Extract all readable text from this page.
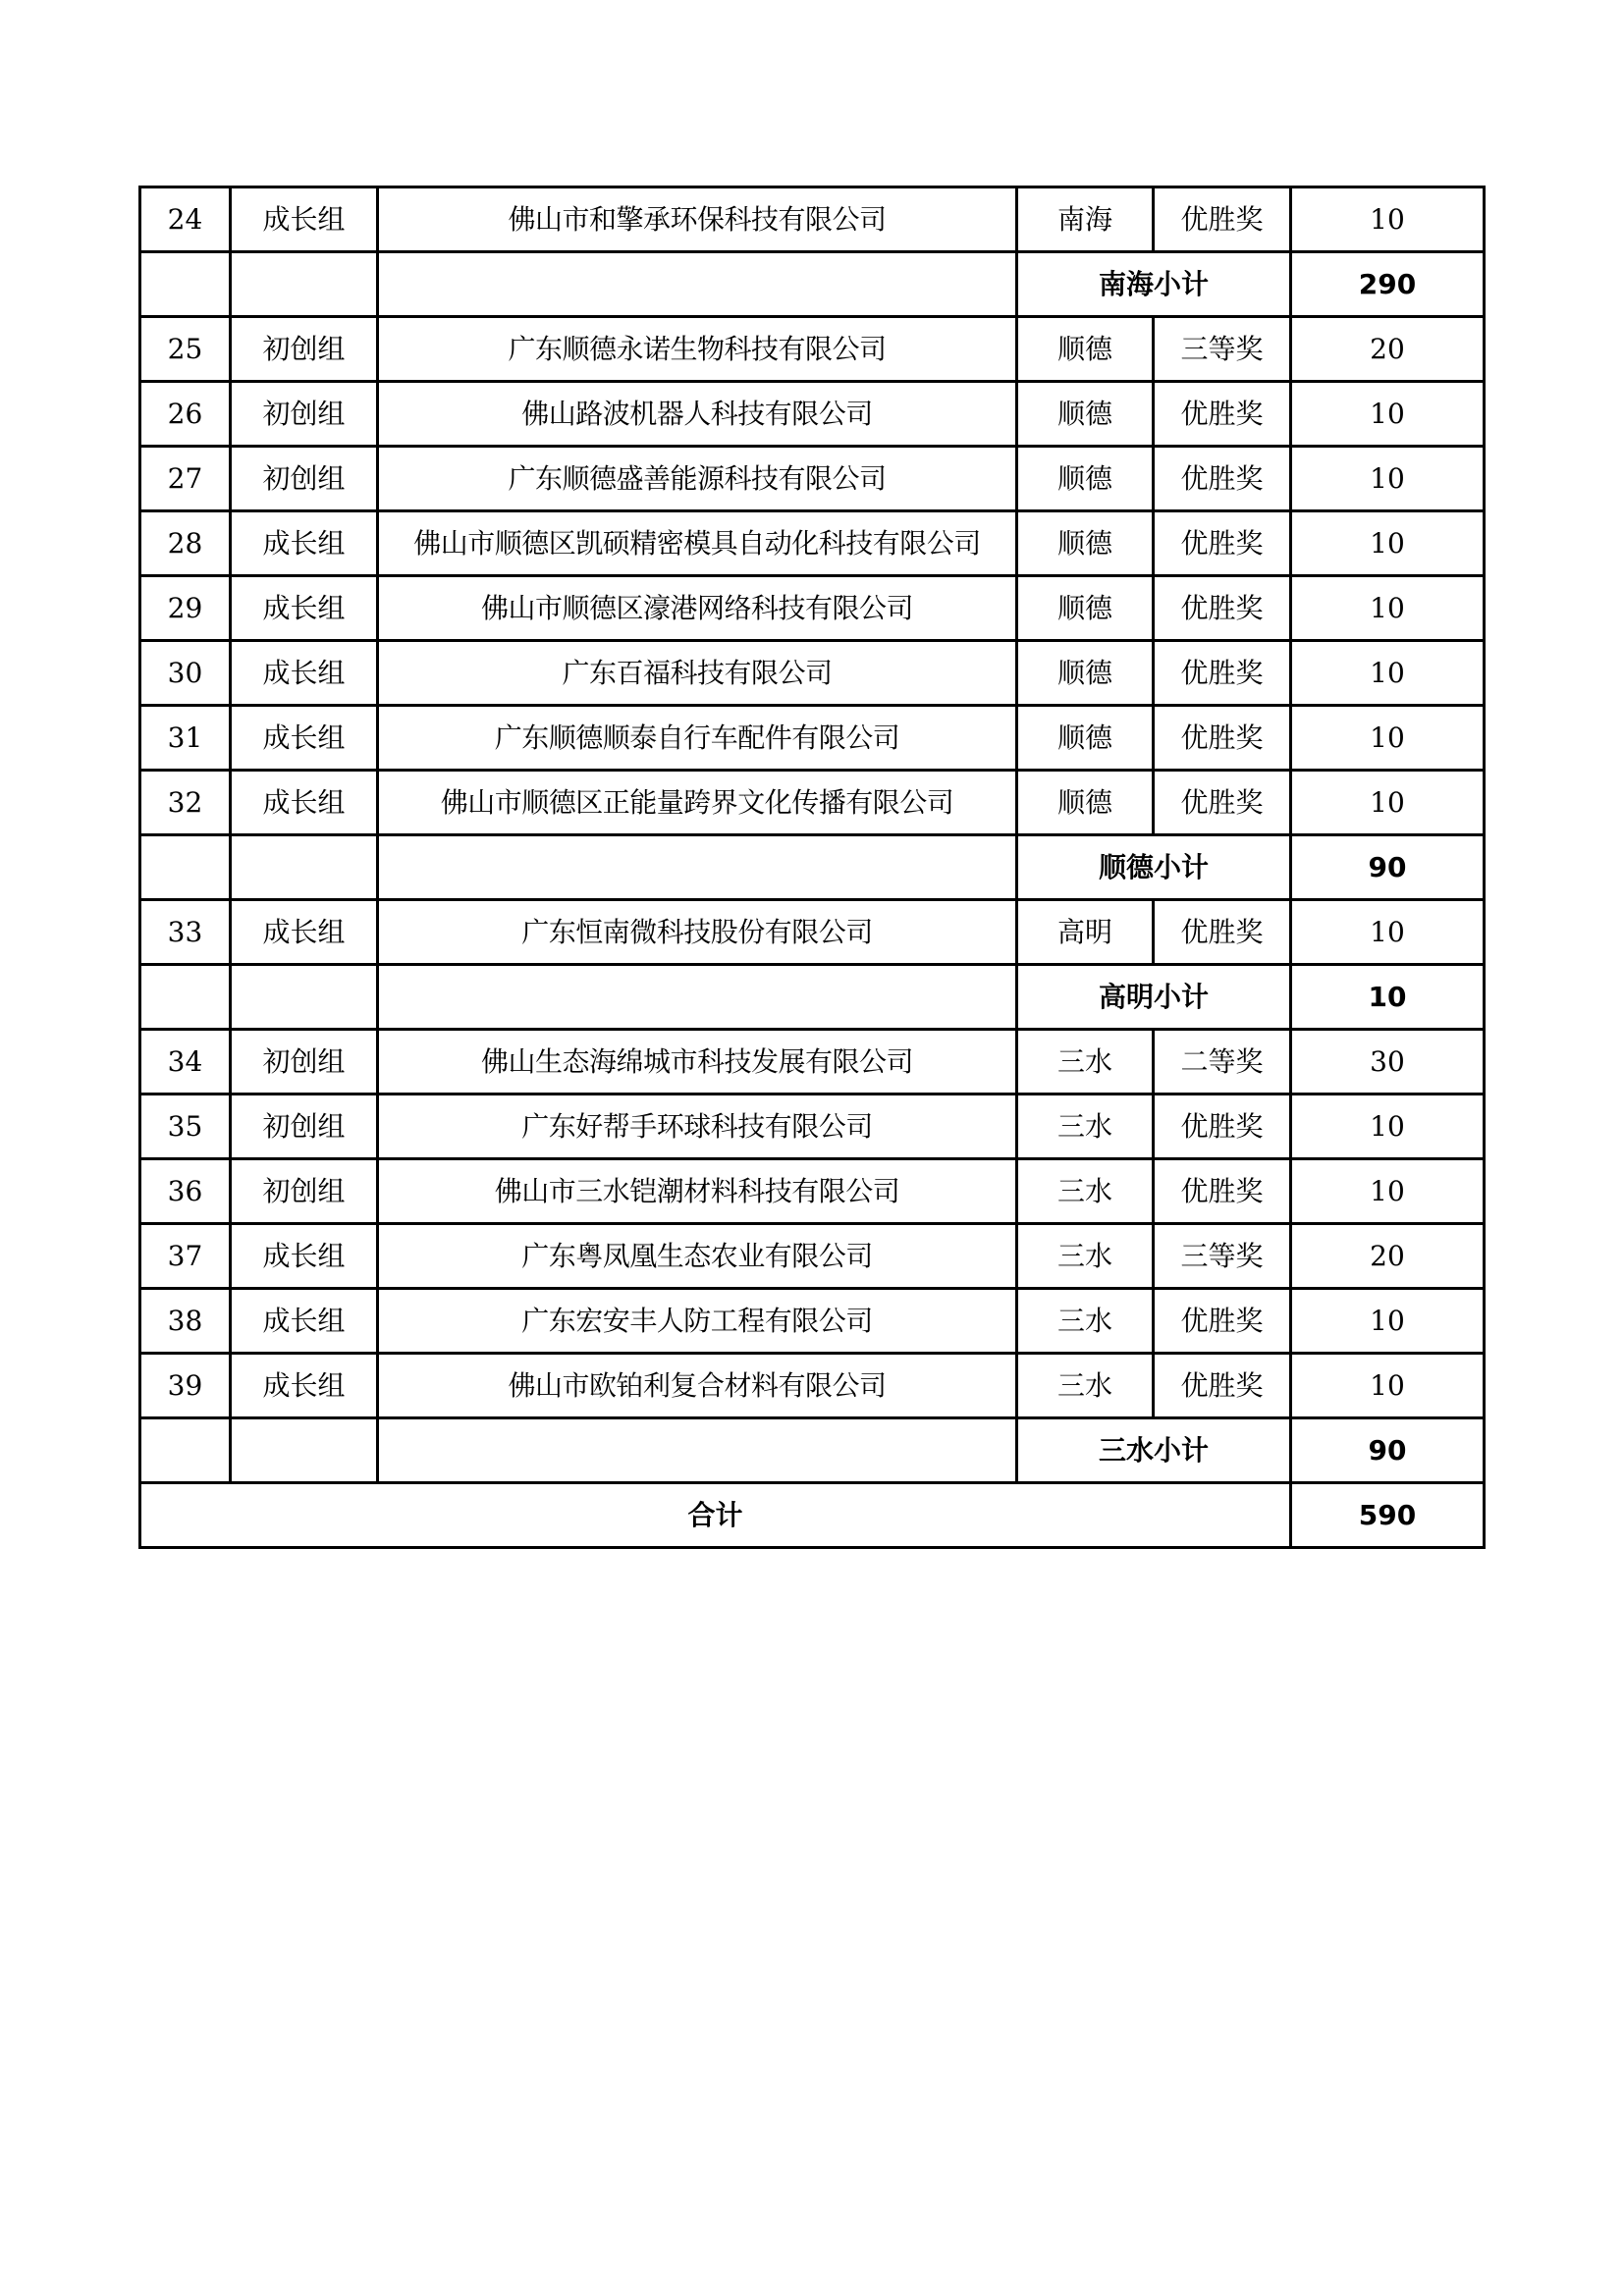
24	成长组	佛山市和擎承环保科技有限公司	南海	优胜奖	10
			南海小计		290
25	初创组	广东顺德永诺生物科技有限公司	顺德	三等奖	20
26	初创组	佛山路波机器人科技有限公司	顺德	优胜奖	10
27	初创组	广东顺德盛善能源科技有限公司	顺德	优胜奖	10
28	成长组	佛山市顺德区凯硕精密模具自动化科技有限公司	顺德	优胜奖	10
29	成长组	佛山市顺德区濠港网络科技有限公司	顺德	优胜奖	10
30	成长组	广东百福科技有限公司	顺德	优胜奖	10
31	成长组	广东顺德顺泰自行车配件有限公司	顺德	优胜奖	10
32	成长组	佛山市顺德区正能量跨界文化传播有限公司	顺德	优胜奖	10
			顺德小计		90
33	成长组	广东恒南微科技股份有限公司	高明	优胜奖	10
			高明小计		10
34	初创组	佛山生态海绵城市科技发展有限公司	三水	二等奖	30
35	初创组	广东好帮手环球科技有限公司	三水	优胜奖	10
36	初创组	佛山市三水铠潮材料科技有限公司	三水	优胜奖	10
37	成长组	广东粤凤凰生态农业有限公司	三水	三等奖	20
38	成长组	广东宏安丰人防工程有限公司	三水	优胜奖	10
39	成长组	佛山市欧铂利复合材料有限公司	三水	优胜奖	10
			三水小计		90
合计					590
